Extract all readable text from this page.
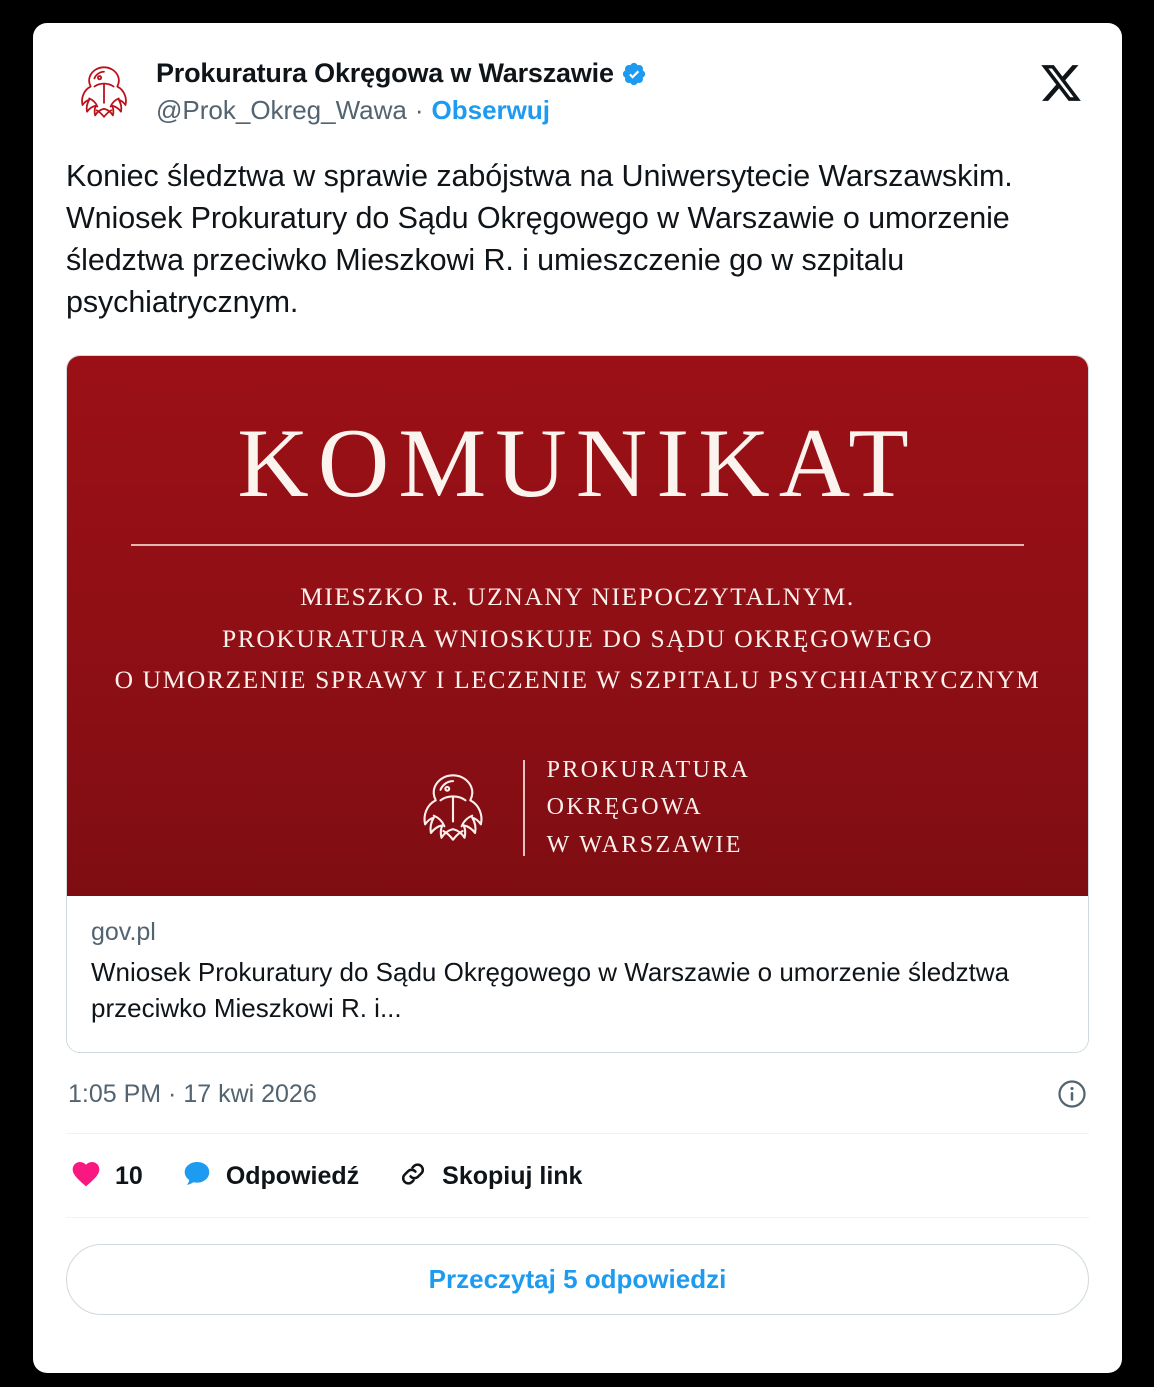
Prokuratura Okręgowa w Warszawie
@Prok_Okreg_Wawa · Obserwuj
Koniec śledztwa w sprawie zabójstwa na Uniwersytecie Warszawskim. Wniosek Prokuratury do Sądu Okręgowego w Warszawie o umorzenie śledztwa przeciwko Mieszkowi R. i umieszczenie go w szpitalu psychiatrycznym.
KOMUNIKAT
MIESZKO R. UZNANY NIEPOCZYTALNYM.
PROKURATURA WNIOSKUJE DO SĄDU OKRĘGOWEGO
O UMORZENIE SPRAWY I LECZENIE W SZPITALU PSYCHIATRYCZNYM
PROKURATURA
OKRĘGOWA
W WARSZAWIE
gov.pl
Wniosek Prokuratury do Sądu Okręgowego w Warszawie o umorzenie śledztwa przeciwko Mieszkowi R. i...
1:05 PM · 17 kwi 2026
10	Odpowiedź	Skopiuj link
Przeczytaj 5 odpowiedzi
